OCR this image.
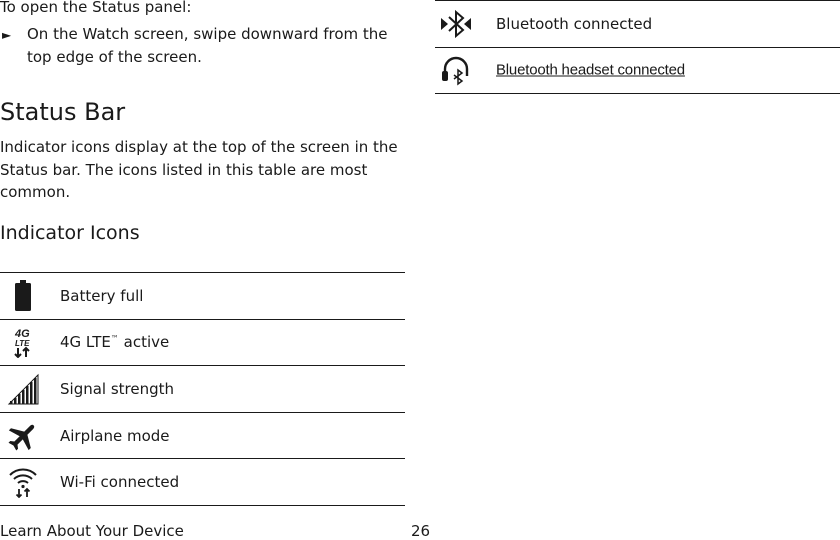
To open the Status panel:
► On the Watch screen, swipe downward from the top edge of the screen.
Status Bar
Indicator icons display at the top of the screen in the Status bar. The icons listed in this table are most common.
Indicator Icons
Battery full
4G
LTE 4G LTE™ active
Signal strength
Airplane mode
Wi-Fi connected
Bluetooth connected
Bluetooth headset connected
Learn About Your Device	26
